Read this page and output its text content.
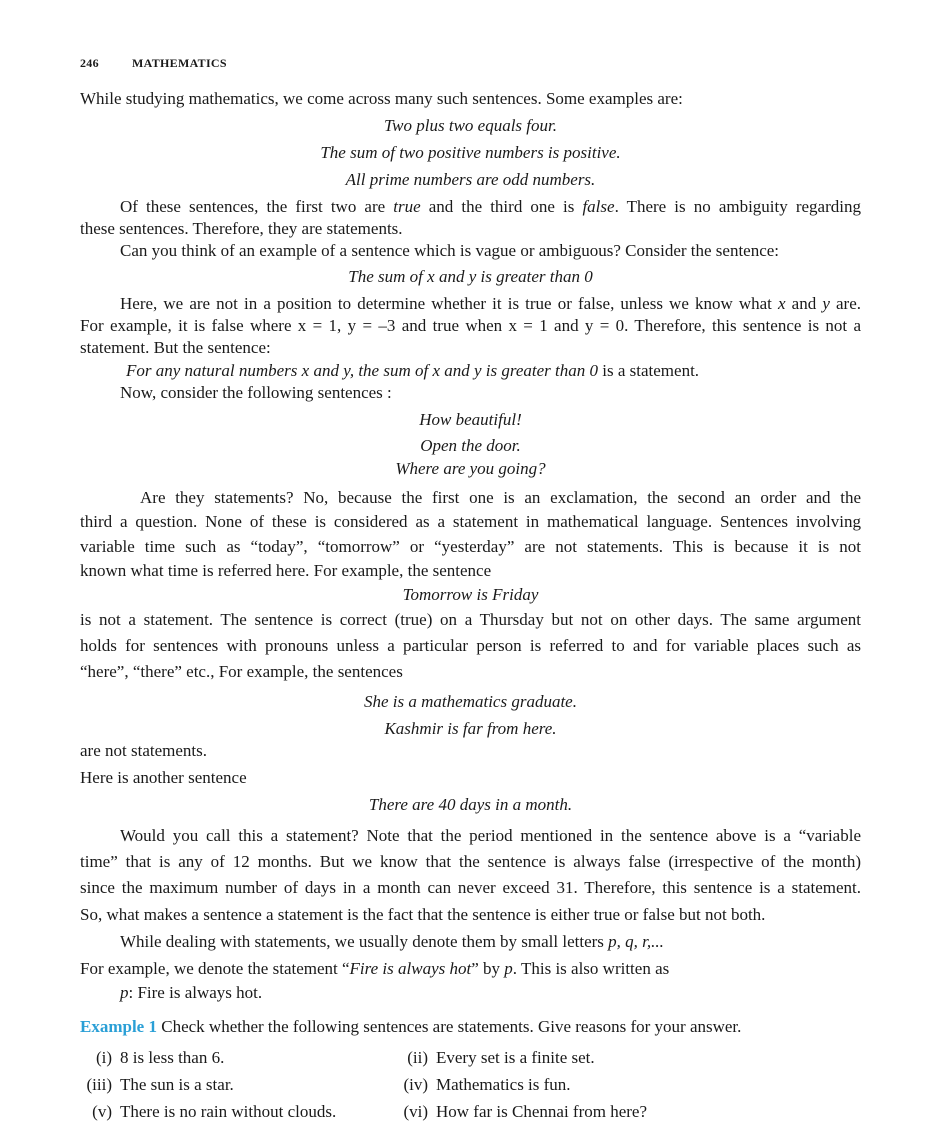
246	MATHEMATICS
While studying mathematics, we come across many such sentences. Some examples are:
Two plus two equals four.
The sum of two positive numbers is positive.
All prime numbers are odd numbers.
Of these sentences, the first two are true and the third one is false. There is no ambiguity regarding
these sentences. Therefore, they are statements.
Can you think of an example of a sentence which is vague or ambiguous? Consider the sentence:
The sum of x and y is greater than 0
Here, we are not in a position to determine whether it is true or false, unless we know what x and y are.
For example, it is false where x = 1, y = –3 and true when x = 1 and y = 0. Therefore, this sentence is not a
statement. But the sentence:
For any natural numbers x and y, the sum of x and y is greater than 0 is a statement.
Now, consider the following sentences :
How beautiful!
Open the door.
Where are you going?
Are they statements? No, because the first one is an exclamation, the second an order and the
third a question. None of these is considered as a statement in mathematical language. Sentences involving
variable time such as “today”, “tomorrow” or “yesterday” are not statements. This is because it is not
known what time is referred here. For example, the sentence
Tomorrow is Friday
is not a statement. The sentence is correct (true) on a Thursday but not on other days. The same argument
holds for sentences with pronouns unless a particular person is referred to and for variable places such as
“here”, “there” etc., For example, the sentences
She is a mathematics graduate.
Kashmir is far from here.
are not statements.
Here is another sentence
There are 40 days in a month.
Would you call this a statement? Note that the period mentioned in the sentence above is a “variable
time” that is any of 12 months. But we know that the sentence is always false (irrespective of the month)
since the maximum number of days in a month can never exceed 31. Therefore, this sentence is a statement.
So, what makes a sentence a statement is the fact that the sentence is either true or false but not both.
While dealing with statements, we usually denote them by small letters p, q, r,...
For example, we denote the statement “Fire is always hot” by p. This is also written as
p: Fire is always hot.
Example 1 Check whether the following sentences are statements. Give reasons for your answer.
(i) 8 is less than 6.	(ii) Every set is a finite set.
(iii) The sun is a star.	(iv) Mathematics is fun.
(v) There is no rain without clouds.	(vi) How far is Chennai from here?
